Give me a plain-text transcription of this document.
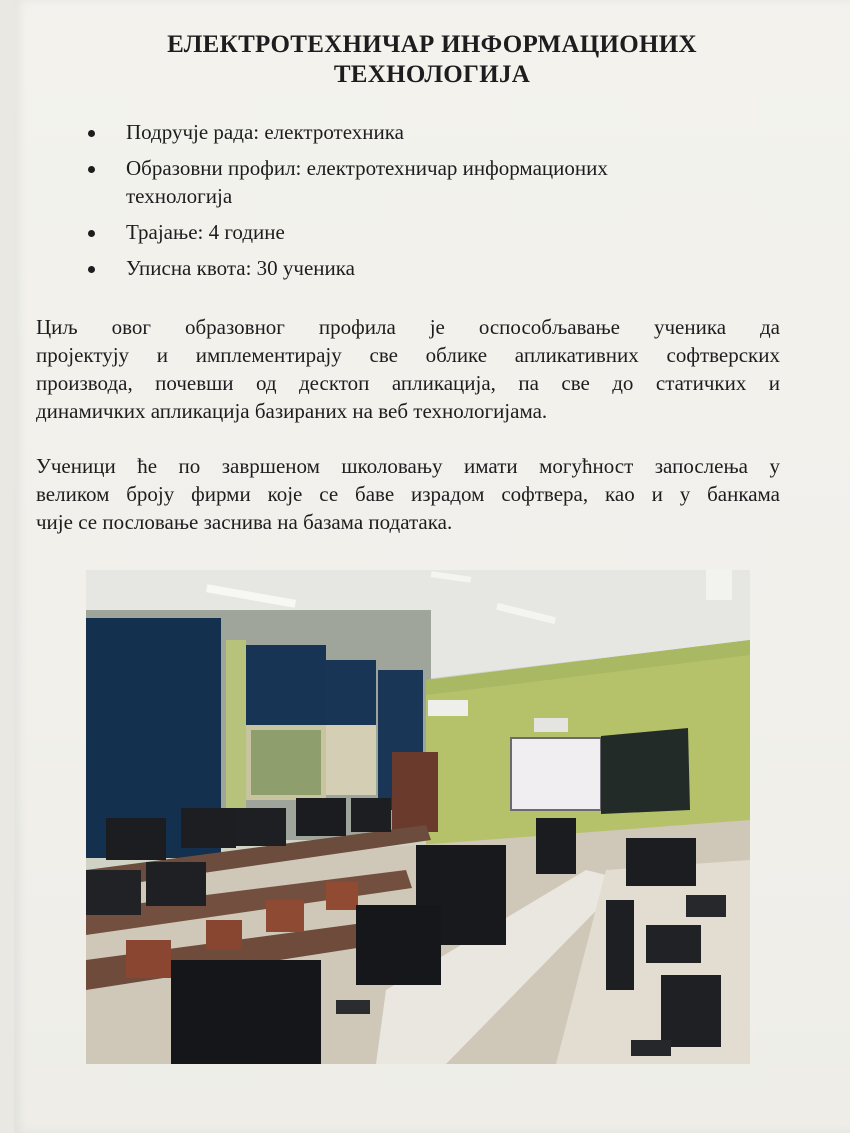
ЕЛЕКТРОТЕХНИЧАР ИНФОРМАЦИОНИХ
ТЕХНОЛОГИЈА
Подручје рада: електротехника
Образовни профил: електротехничар информационих
технологија
Трајање: 4 године
Уписна квота: 30 ученика

Циљ овог образовног профила је оспособљавање ученика да
пројектују и имплементирају све облике апликативних софтверских
производа, почевши од десктоп апликација, па све до статичких и
динамичких апликација базираних на веб технологијама.

Ученици ће по завршеном школовању имати могућност запослења у
великом броју фирми које се баве израдом софтвера, као и у банкама
чије се пословање заснива на базама података.
